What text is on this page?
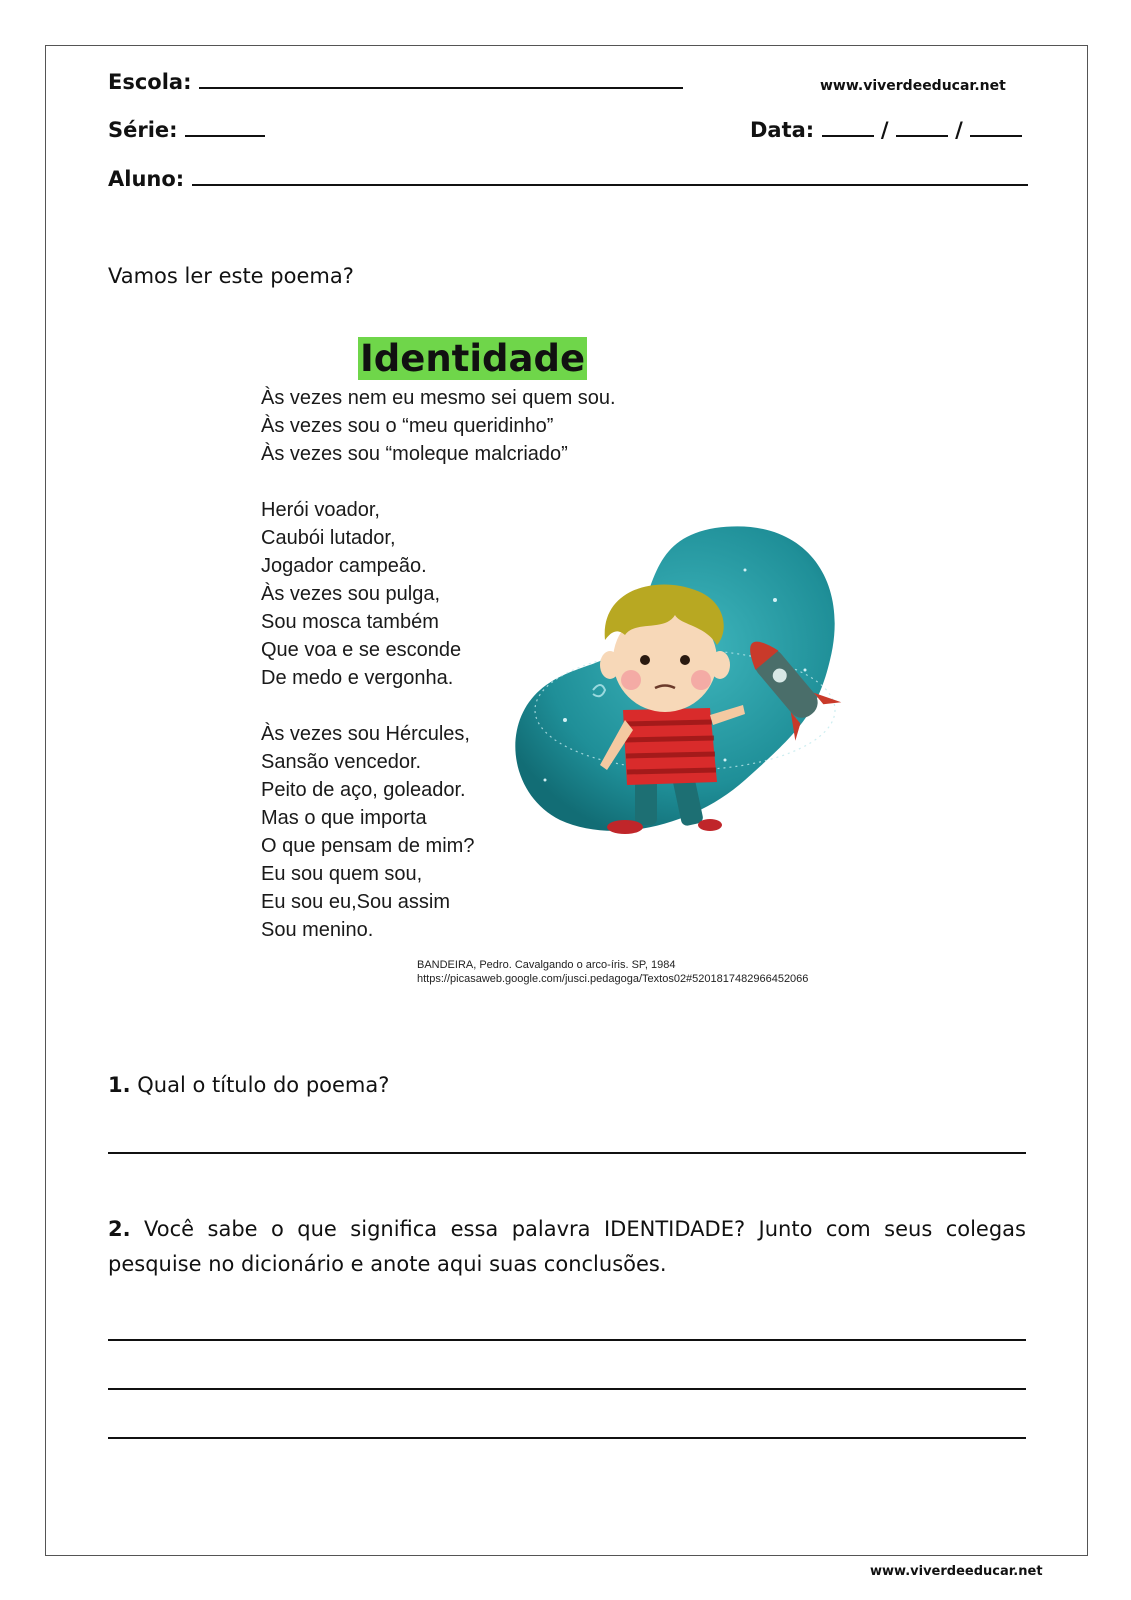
Escola:	www.viverdeeducar.net
Série:	Data:	/	/
Aluno:
Vamos ler este poema?
Identidade
Às vezes nem eu mesmo sei quem sou.
Às vezes sou o “meu queridinho”
Às vezes sou “moleque malcriado”
Herói voador,
Caubói lutador,
Jogador campeão.
Às vezes sou pulga,
Sou mosca também
Que voa e se esconde
De medo e vergonha.
Às vezes sou Hércules,
Sansão vencedor.
Peito de aço, goleador.
Mas o que importa
O que pensam de mim?
Eu sou quem sou,
Eu sou eu,Sou assim
Sou menino.
BANDEIRA, Pedro. Cavalgando o arco-íris. SP, 1984
https://picasaweb.google.com/jusci.pedagoga/Textos02#5201817482966452066
1. Qual o título do poema?
2. Você sabe o que significa essa palavra IDENTIDADE? Junto com seus colegas pesquise no dicionário e anote aqui suas conclusões.
www.viverdeeducar.net
